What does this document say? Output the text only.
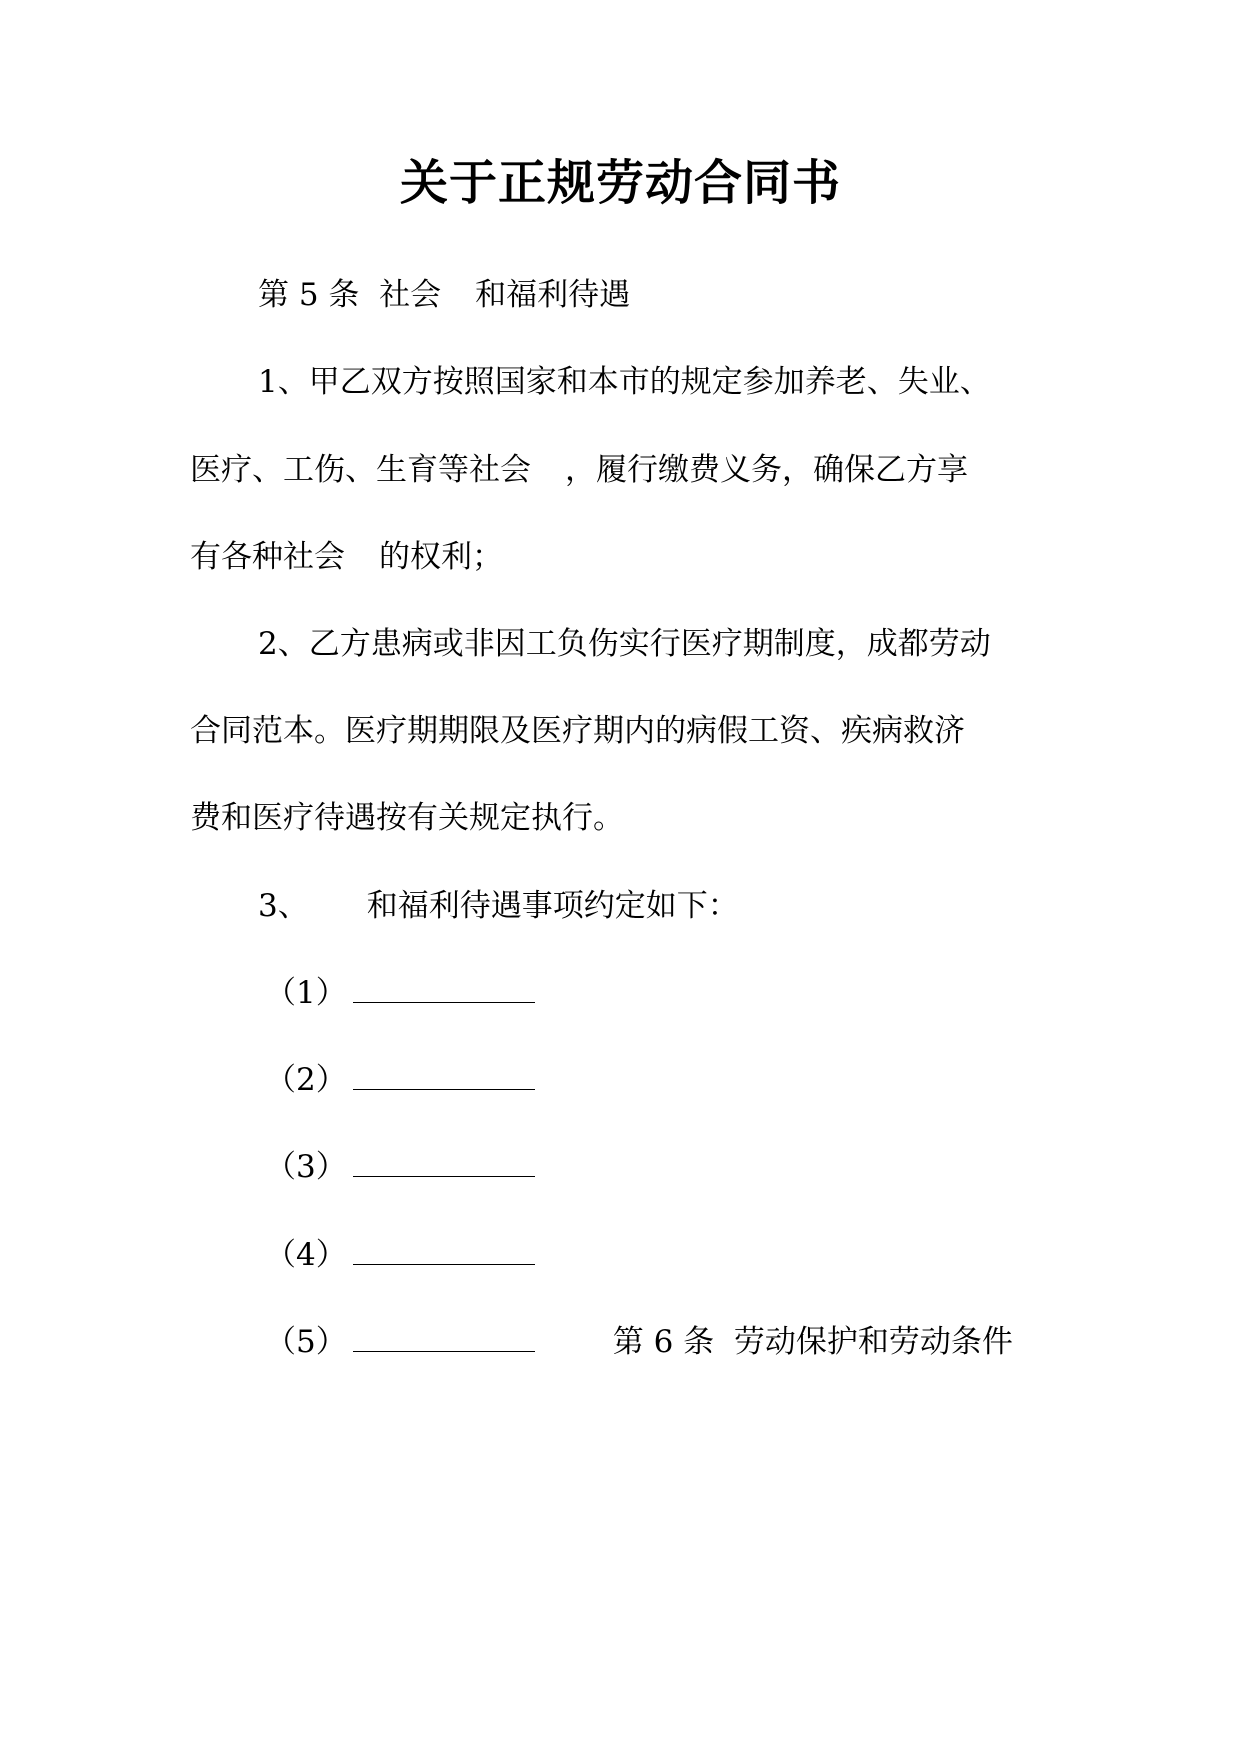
关于正规劳动合同书
第 5 条  社会 和福利待遇
1、甲乙双方按照国家和本市的规定参加养老、失业、
医疗、工伤、生育等社会 ，履行缴费义务，确保乙方享
有各种社会 的权利；
2、乙方患病或非因工负伤实行医疗期制度，成都劳动
合同范本。医疗期期限及医疗期内的病假工资、疾病救济
费和医疗待遇按有关规定执行。
3、 和福利待遇事项约定如下：
（1）
（2）
（3）
（4）
（5）	第 6 条  劳动保护和劳动条件
